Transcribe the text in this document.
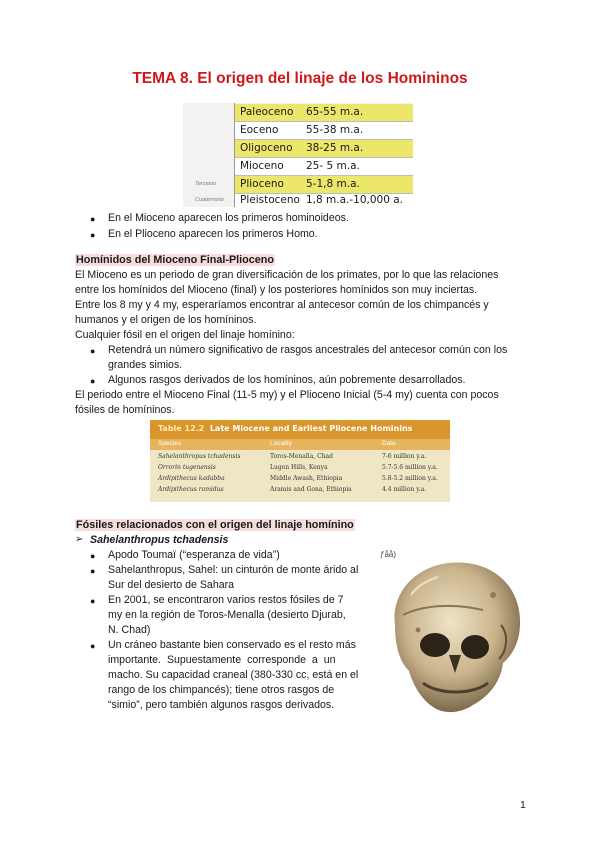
TEMA 8. El origen del linaje de los Homininos
Paleoceno 65-55 m.a.
Eoceno	55-38 m.a.
Oligoceno 38-25 m.a.
Mioceno 25- 5 m.a.
Plioceno 5-1,8 m.a.
Pleistoceno 1,8 m.a.-10,000 a.
Terciario
Cuaternario
● En el Mioceno aparecen los primeros hominoideos.
● En el Plioceno aparecen los primeros Homo.
Homínidos del Mioceno Final-Plioceno
El Mioceno es un periodo de gran diversificación de los primates, por lo que las relaciones
entre los homínidos del Mioceno (final) y los posteriores homínidos son muy inciertas.
Entre los 8 my y 4 my, esperaríamos encontrar al antecesor común de los chimpancés y
humanos y el origen de los homíninos.
Cualquier fósil en el origen del linaje homínino:
● Retendrá un número significativo de rasgos ancestrales del antecesor común con los
grandes simios.
● Algunos rasgos derivados de los homíninos, aún pobremente desarrollados.
El periodo entre el Mioceno Final (11-5 my) y el Plioceno Inicial (5-4 my) cuenta con pocos
fósiles de homíninos.
Table 12.2 Late Miocene and Earliest Pliocene Hominins
Species	Locality	Date
Sahelanthropus tchadensis	Toros-Menalla, Chad	7-6 million y.a.
Orrorin tugenensis	Lugen Hills, Kenya	5.7-5.6 million y.a.
Ardipithecus kadabba	Middle Awash, Ethiopia	5.8-5.2 million y.a.
Ardipithecus ramidus	Aramis and Gona, Ethiopia	4.4 million y.a.
Fósiles relacionados con el origen del linaje homínino
➢ Sahelanthropus tchadensis
● Apodo Toumaï (“esperanza de vida”)
● Sahelanthropus, Sahel: un cinturón de monte árido al
Sur del desierto de Sahara
● En 2001, se encontraron varios restos fósiles de 7
my en la región de Toros-Menalla (desierto Djurab,
N. Chad)
● Un cráneo bastante bien conservado es el resto más
importante. Supuestamente corresponde a un
macho. Su capacidad craneal (380-330 cc, está en el
rango de los chimpancés); tiene otros rasgos de
“simio”, pero también algunos rasgos derivados.
ƒåå)
1
